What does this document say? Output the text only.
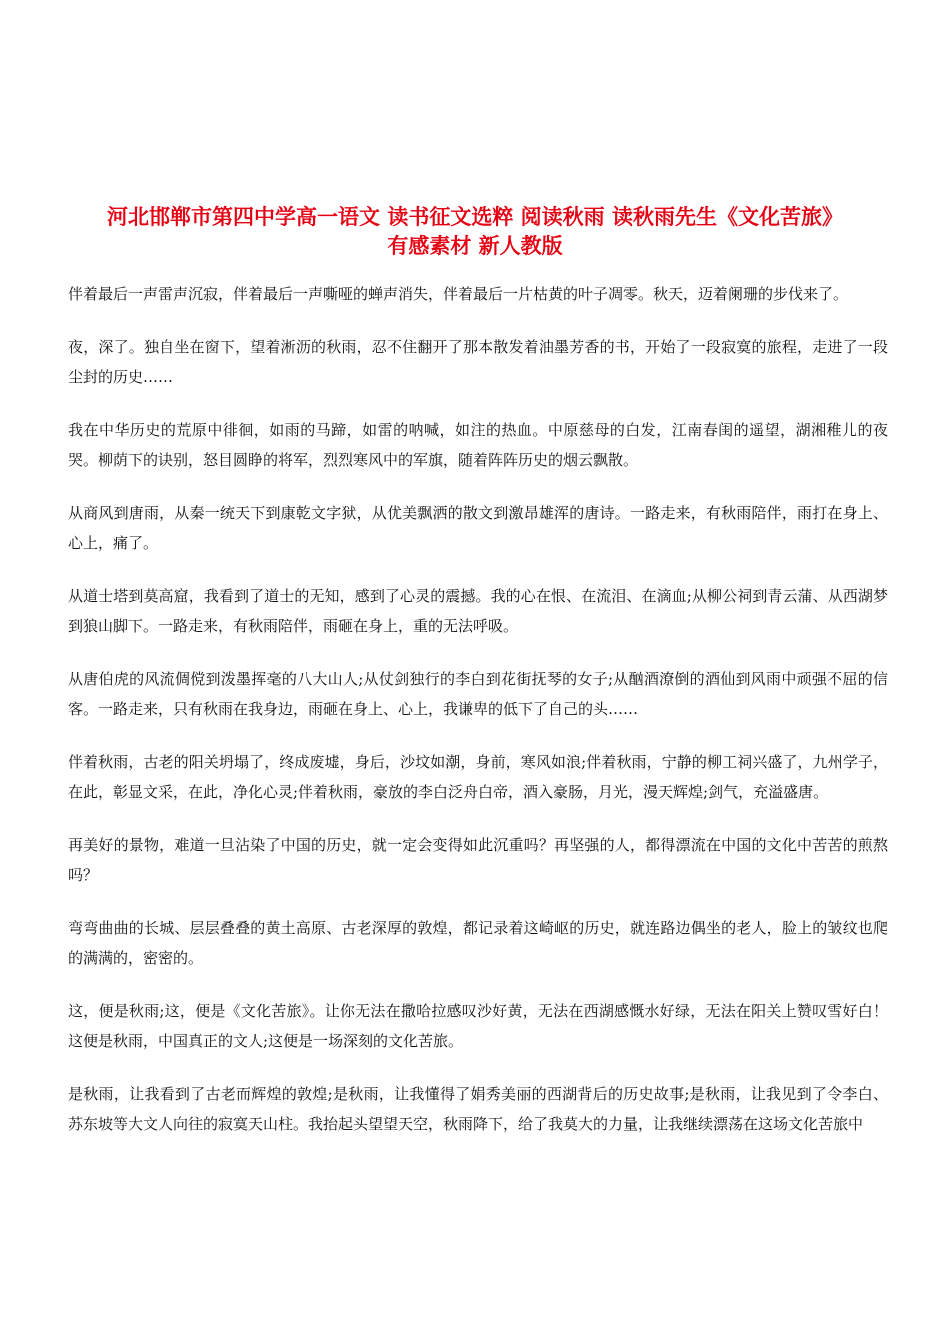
河北邯郸市第四中学高一语文 读书征文选粹 阅读秋雨 读秋雨先生《文化苦旅》
有感素材 新人教版

伴着最后一声雷声沉寂，伴着最后一声嘶哑的蝉声消失，伴着最后一片枯黄的叶子凋零。秋天，迈着阑珊的步伐来了。

夜，深了。独自坐在窗下，望着淅沥的秋雨，忍不住翻开了那本散发着油墨芳香的书，开始了一段寂寞的旅程，走进了一段尘封的历史……

我在中华历史的荒原中徘徊，如雨的马蹄，如雷的呐喊，如注的热血。中原慈母的白发，江南春闺的遥望，湖湘稚儿的夜哭。柳荫下的诀别，怒目圆睁的将军，烈烈寒风中的军旗，随着阵阵历史的烟云飘散。

从商风到唐雨，从秦一统天下到康乾文字狱，从优美飘洒的散文到激昂雄浑的唐诗。一路走来，有秋雨陪伴，雨打在身上、心上，痛了。

从道士塔到莫高窟，我看到了道士的无知，感到了心灵的震撼。我的心在恨、在流泪、在滴血;从柳公祠到青云蒲、从西湖梦到狼山脚下。一路走来，有秋雨陪伴，雨砸在身上，重的无法呼吸。

从唐伯虎的风流倜傥到泼墨挥毫的八大山人;从仗剑独行的李白到花街抚琴的女子;从酗酒潦倒的酒仙到风雨中顽强不屈的信客。一路走来，只有秋雨在我身边，雨砸在身上、心上，我谦卑的低下了自己的头……

伴着秋雨，古老的阳关坍塌了，终成废墟，身后，沙坟如潮，身前，寒风如浪;伴着秋雨，宁静的柳工祠兴盛了，九州学子，在此，彰显文采，在此，净化心灵;伴着秋雨，豪放的李白泛舟白帝，酒入豪肠，月光，漫天辉煌;剑气，充溢盛唐。

再美好的景物，难道一旦沾染了中国的历史，就一定会变得如此沉重吗？再坚强的人，都得漂流在中国的文化中苦苦的煎熬吗？

弯弯曲曲的长城、层层叠叠的黄土高原、古老深厚的敦煌，都记录着这崎岖的历史，就连路边偶坐的老人，脸上的皱纹也爬的满满的，密密的。

这，便是秋雨;这，便是《文化苦旅》。让你无法在撒哈拉感叹沙好黄，无法在西湖感慨水好绿，无法在阳关上赞叹雪好白！这便是秋雨，中国真正的文人;这便是一场深刻的文化苦旅。

是秋雨，让我看到了古老而辉煌的敦煌;是秋雨，让我懂得了娟秀美丽的西湖背后的历史故事;是秋雨，让我见到了令李白、苏东坡等大文人向往的寂寞天山柱。我抬起头望望天空，秋雨降下，给了我莫大的力量，让我继续漂荡在这场文化苦旅中
